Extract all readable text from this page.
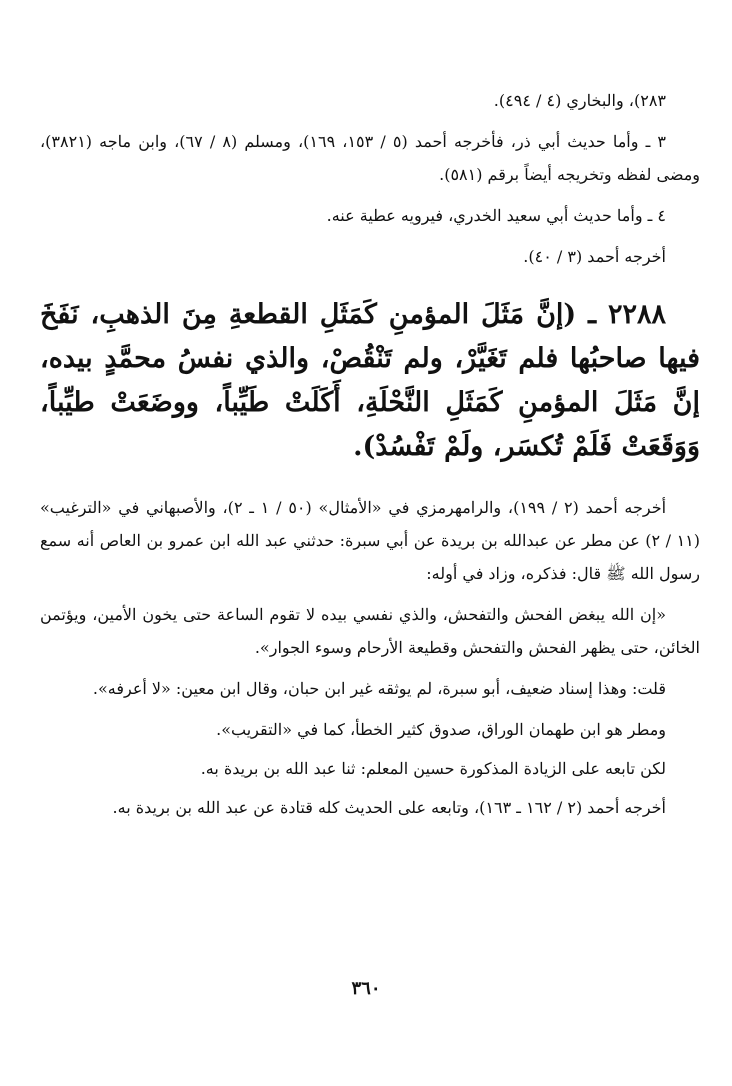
٢٨٣)، والبخاري (٤ / ٤٩٤).

٣ ـ وأما حديث أبي ذر، فأخرجه أحمد (٥ / ١٥٣، ١٦٩)، ومسلم (٨ / ٦٧)، وابن ماجه (٣٨٢١)، ومضى لفظه وتخريجه أيضاً برقم (٥٨١).

٤ ـ وأما حديث أبي سعيد الخدري، فيرويه عطية عنه.

أخرجه أحمد (٣ / ٤٠).

٢٢٨٨ ـ (إنَّ مَثَلَ المؤمنِ كَمَثَلِ القطعةِ مِنَ الذهبِ، نَفَخَ فيها صاحبُها فلم تَغَيَّرْ، ولم تَنْقُصْ، والذي نفسُ محمَّدٍ بيده، إنَّ مَثَلَ المؤمنِ كَمَثَلِ النَّحْلَةِ، أَكَلَتْ طَيِّباً، ووضَعَتْ طيِّباً، وَوَقَعَتْ فَلَمْ تُكسَر، ولَمْ تَفْسُدْ).

أخرجه أحمد (٢ / ١٩٩)، والرامهرمزي في «الأمثال» (٥٠ / ١ ـ ٢)، والأصبهاني في «الترغيب» (١١ / ٢) عن مطر عن عبدالله بن بريدة عن أبي سبرة: حدثني عبد الله ابن عمرو بن العاص أنه سمع رسول الله ﷺ قال: فذكره، وزاد في أوله:

«إن الله يبغض الفحش والتفحش، والذي نفسي بيده لا تقوم الساعة حتى يخون الأمين، ويؤتمن الخائن، حتى يظهر الفحش والتفحش وقطيعة الأرحام وسوء الجوار».

قلت: وهذا إسناد ضعيف، أبو سبرة، لم يوثقه غير ابن حبان، وقال ابن معين: «لا أعرفه».

ومطر هو ابن طهمان الوراق، صدوق كثير الخطأ، كما في «التقريب».

لكن تابعه على الزيادة المذكورة حسين المعلم: ثنا عبد الله بن بريدة به.

أخرجه أحمد (٢ / ١٦٢ ـ ١٦٣)، وتابعه على الحديث كله قتادة عن عبد الله بن بريدة به.

٣٦٠
